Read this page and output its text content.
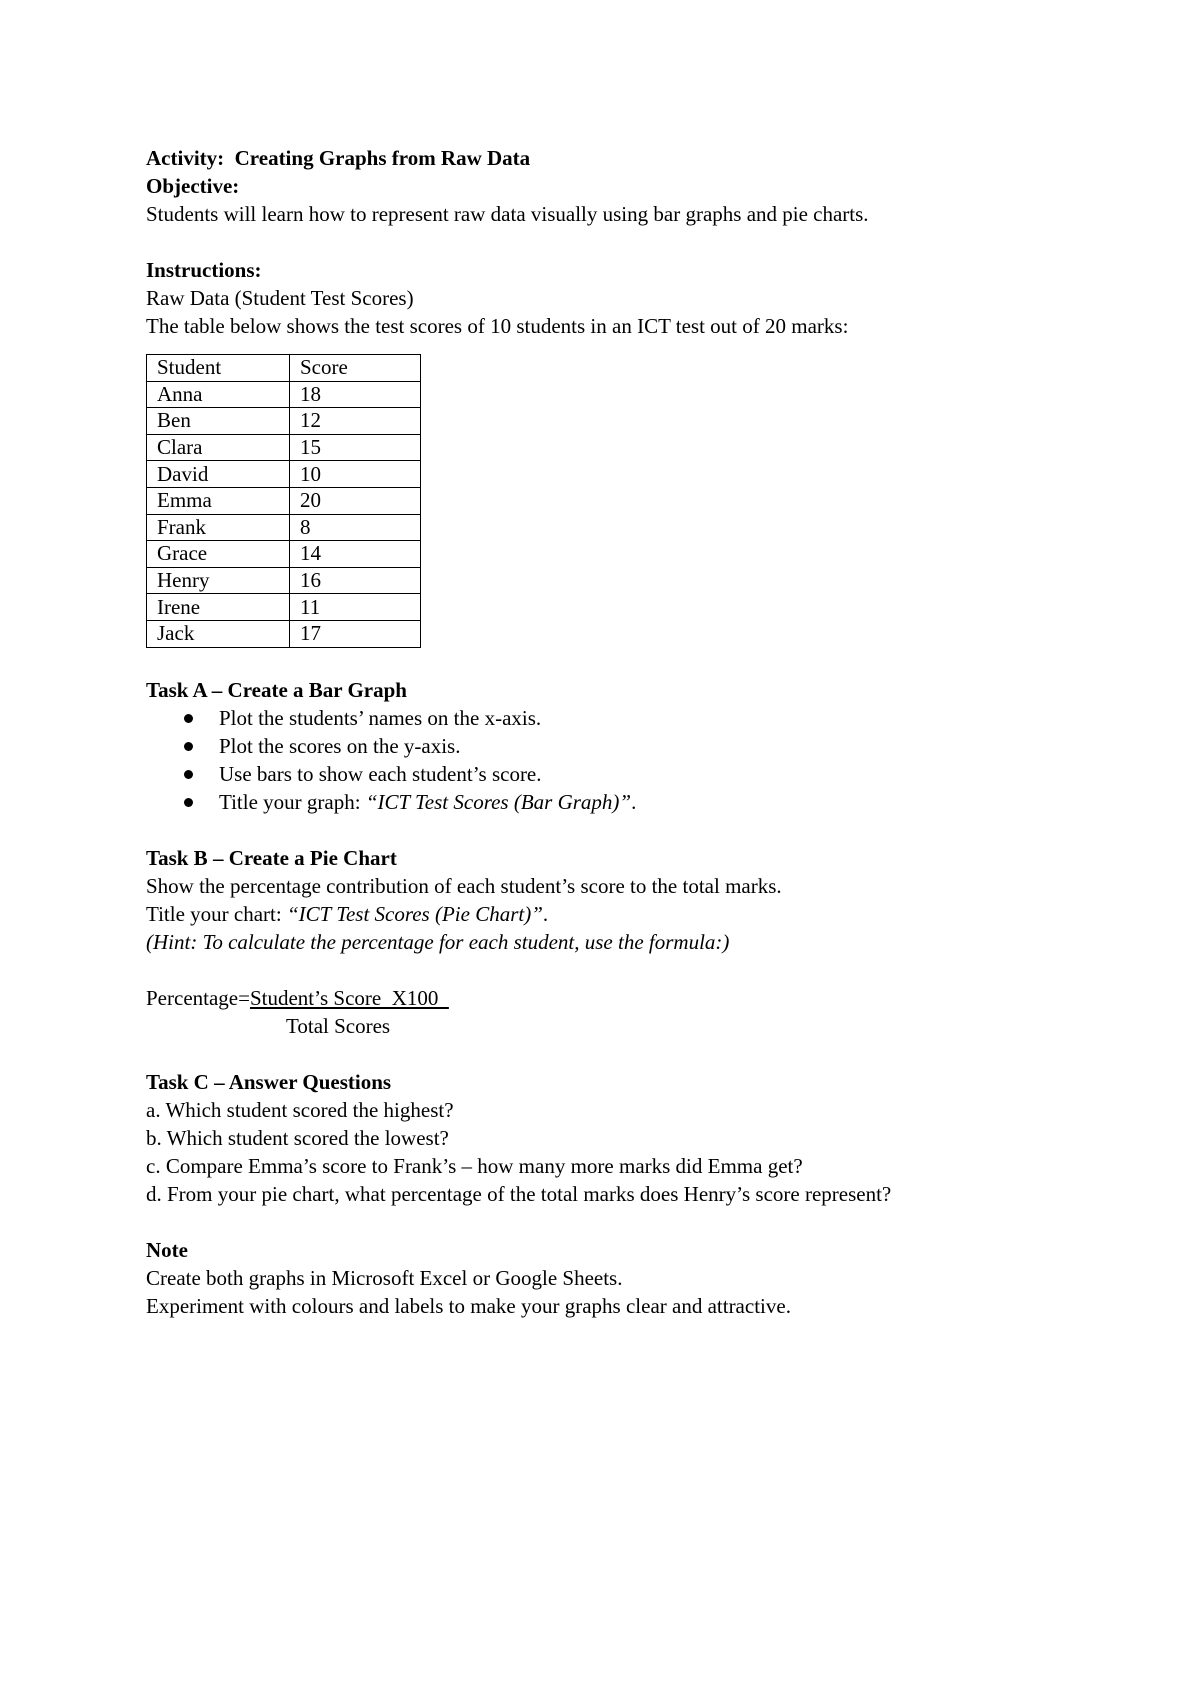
Activity:  Creating Graphs from Raw Data
Objective:
Students will learn how to represent raw data visually using bar graphs and pie charts.
Instructions:
Raw Data (Student Test Scores)
The table below shows the test scores of 10 students in an ICT test out of 20 marks:
Student	Score
Anna	18
Ben	12
Clara	15
David	10
Emma	20
Frank	8
Grace	14
Henry	16
Irene	11
Jack	17
Task A – Create a Bar Graph
Plot the students’ names on the x-axis.
Plot the scores on the y-axis.
Use bars to show each student’s score.
Title your graph: “ICT Test Scores (Bar Graph)”.
Task B – Create a Pie Chart
Show the percentage contribution of each student’s score to the total marks.
Title your chart: “ICT Test Scores (Pie Chart)”.
(Hint: To calculate the percentage for each student, use the formula:)
Percentage=Student’s Score  X100
Total Scores
Task C – Answer Questions
a. Which student scored the highest?
b. Which student scored the lowest?
c. Compare Emma’s score to Frank’s – how many more marks did Emma get?
d. From your pie chart, what percentage of the total marks does Henry’s score represent?
Note
Create both graphs in Microsoft Excel or Google Sheets.
Experiment with colours and labels to make your graphs clear and attractive.
